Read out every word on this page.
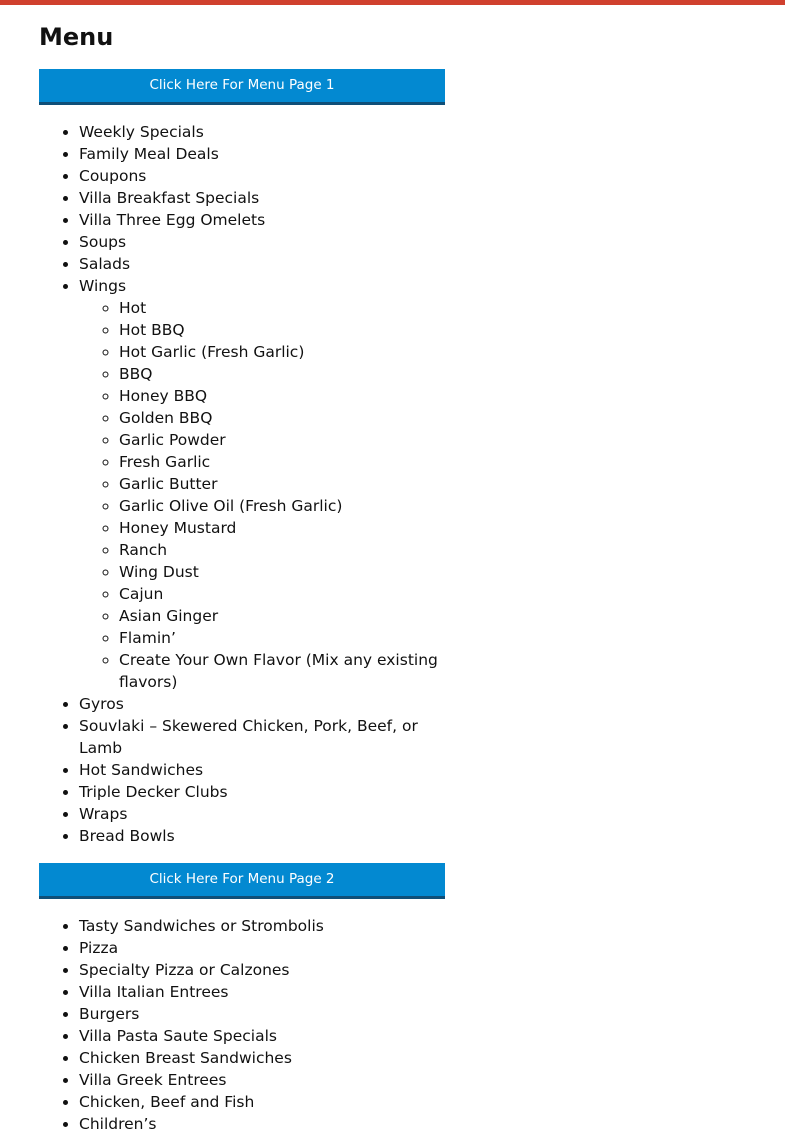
Menu
Click Here For Menu Page 1
• Weekly Specials
• Family Meal Deals
• Coupons
• Villa Breakfast Specials
• Villa Three Egg Omelets
• Soups
• Salads
• Wings
◦ Hot
◦ Hot BBQ
◦ Hot Garlic (Fresh Garlic)
◦ BBQ
◦ Honey BBQ
◦ Golden BBQ
◦ Garlic Powder
◦ Fresh Garlic
◦ Garlic Butter
◦ Garlic Olive Oil (Fresh Garlic)
◦ Honey Mustard
◦ Ranch
◦ Wing Dust
◦ Cajun
◦ Asian Ginger
◦ Flamin’
◦ Create Your Own Flavor (Mix any existing flavors)
• Gyros
• Souvlaki – Skewered Chicken, Pork, Beef, or Lamb
• Hot Sandwiches
• Triple Decker Clubs
• Wraps
• Bread Bowls
Click Here For Menu Page 2
• Tasty Sandwiches or Strombolis
• Pizza
• Specialty Pizza or Calzones
• Villa Italian Entrees
• Burgers
• Villa Pasta Saute Specials
• Chicken Breast Sandwiches
• Villa Greek Entrees
• Chicken, Beef and Fish
• Children’s
